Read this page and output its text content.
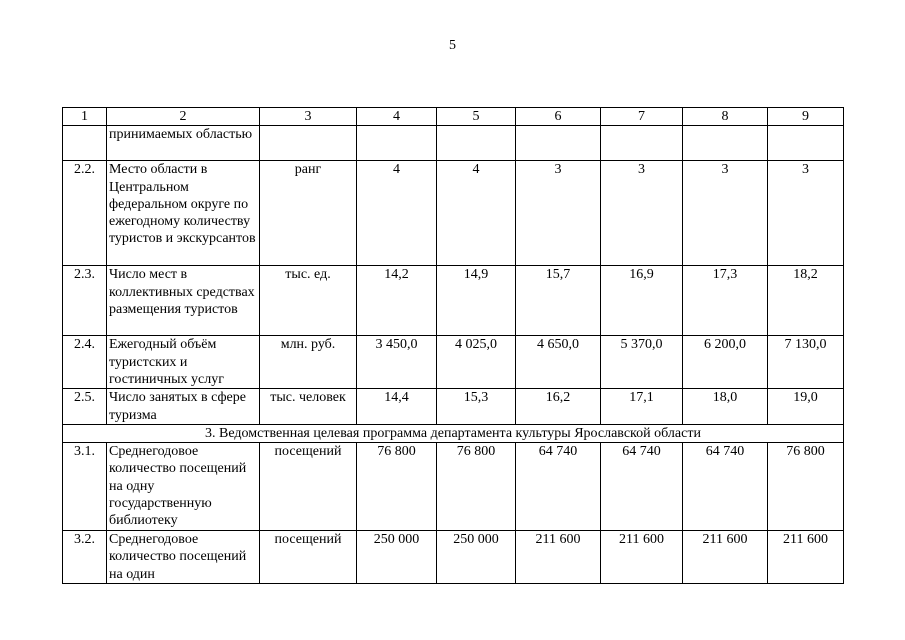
5
1	2	3	4	5	6	7	8	9
	принимаемых областью							
2.2.	Место области в Центральном федеральном округе по ежегодному количеству туристов и экскурсантов	ранг	4	4	3	3	3	3
2.3.	Число мест в коллективных средствах размещения туристов	тыс. ед.	14,2	14,9	15,7	16,9	17,3	18,2
2.4.	Ежегодный объём туристских и гостиничных услуг	млн. руб.	3 450,0	4 025,0	4 650,0	5 370,0	6 200,0	7 130,0
2.5.	Число занятых в сфере туризма	тыс. человек	14,4	15,3	16,2	17,1	18,0	19,0
3. Ведомственная целевая программа департамента культуры Ярославской области								
3.1.	Среднегодовое количество посещений на одну государственную библиотеку	посещений	76 800	76 800	64 740	64 740	64 740	76 800
3.2.	Среднегодовое количество посещений на один	посещений	250 000	250 000	211 600	211 600	211 600	211 600
